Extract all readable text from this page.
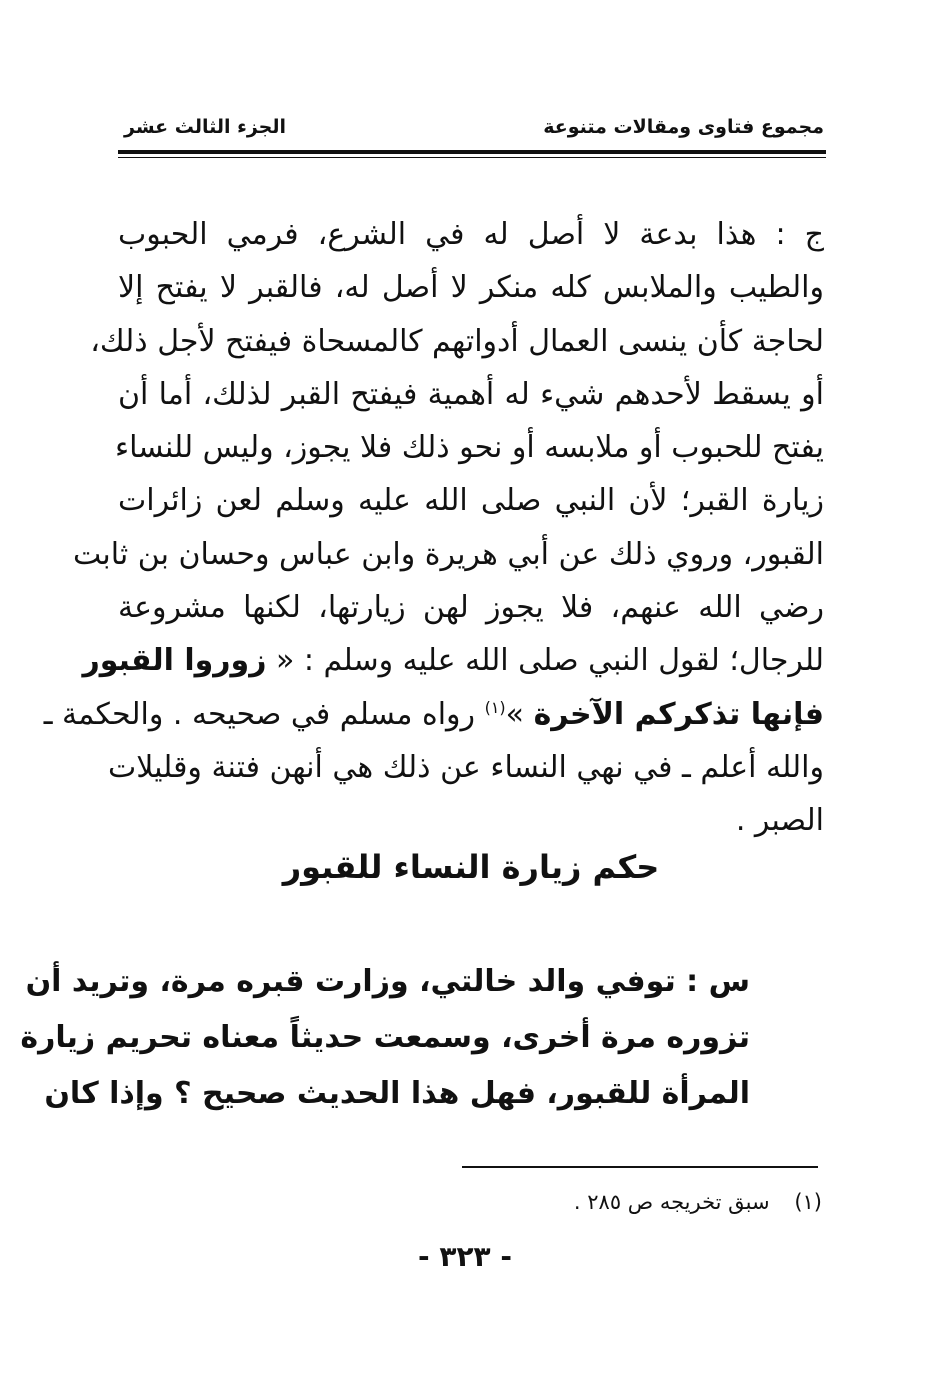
مجموع فتاوى ومقالات متنوعة
الجزء الثالث عشر
ج : هذا بدعة لا أصل له في الشرع، فرمي الحبوب
والطيب والملابس كله منكر لا أصل له، فالقبر لا يفتح إلا
لحاجة كأن ينسى العمال أدواتهم كالمسحاة فيفتح لأجل ذلك،
أو يسقط لأحدهم شيء له أهمية فيفتح القبر لذلك، أما أن
يفتح للحبوب أو ملابسه أو نحو ذلك فلا يجوز، وليس للنساء
زيارة القبر؛ لأن النبي صلى الله عليه وسلم لعن زائرات
القبور، وروي ذلك عن أبي هريرة وابن عباس وحسان بن ثابت
رضي الله عنهم، فلا يجوز لهن زيارتها، لكنها مشروعة
للرجال؛ لقول النبي صلى الله عليه وسلم : « زوروا القبور
فإنها تذكركم الآخرة »$^{(١)}$ رواه مسلم في صحيحه . والحكمة ـ
والله أعلم ـ في نهي النساء عن ذلك هي أنهن فتنة وقليلات
الصبر .
حكم زيارة النساء للقبور
س : توفي والد خالتي، وزارت قبره مرة، وتريد أن
تزوره مرة أخرى، وسمعت حديثاً معناه تحريم زيارة
المرأة للقبور، فهل هذا الحديث صحيح ؟ وإذا كان
(١) سبق تخريجه ص ٢٨٥ .
- ٣٢٣ -
